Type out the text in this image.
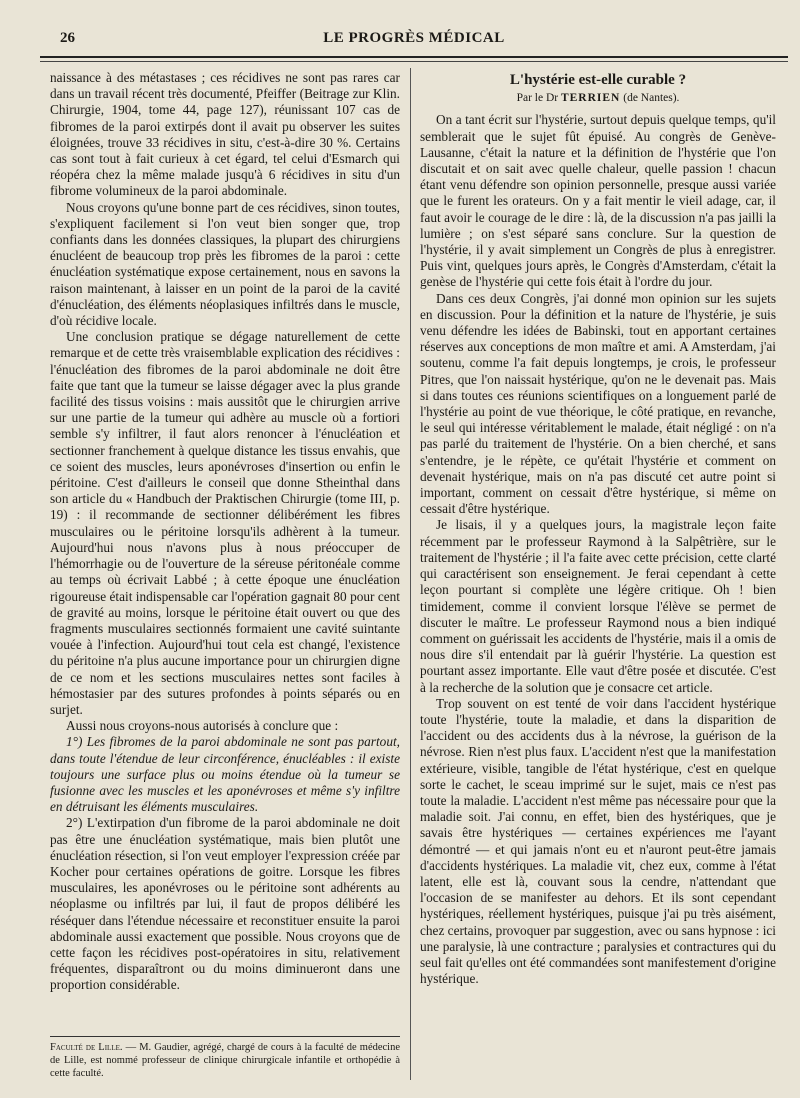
26	LE PROGRÈS MÉDICAL

naissance à des métastases ; ces récidives ne sont pas rares car dans un travail récent très documenté, Pfeiffer (Beitrage zur Klin. Chirurgie, 1904, tome 44, page 127), réunissant 107 cas de fibromes de la paroi extirpés dont il avait pu observer les suites éloignées, trouve 33 récidives in situ, c'est-à-dire 30 %. Certains cas sont tout à fait curieux à cet égard, tel celui d'Esmarch qui réopéra chez la même malade jusqu'à 6 récidives in situ d'un fibrome volumineux de la paroi abdominale.

Nous croyons qu'une bonne part de ces récidives, sinon toutes, s'expliquent facilement si l'on veut bien songer que, trop confiants dans les données classiques, la plupart des chirurgiens énucléent de beaucoup trop près les fibromes de la paroi : cette énucléation systématique expose certainement, nous en savons la raison maintenant, à laisser en un point de la paroi de la cavité d'énucléation, des éléments néoplasiques infiltrés dans le muscle, d'où récidive locale.

Une conclusion pratique se dégage naturellement de cette remarque et de cette très vraisemblable explication des récidives : l'énucléation des fibromes de la paroi abdominale ne doit être faite que tant que la tumeur se laisse dégager avec la plus grande facilité des tissus voisins : mais aussitôt que le chirurgien arrive sur une partie de la tumeur qui adhère au muscle où a fortiori semble s'y infiltrer, il faut alors renoncer à l'énucléation et sectionner franchement à quelque distance les tissus envahis, que ce soient des muscles, leurs aponévroses d'insertion ou enfin le péritoine. C'est d'ailleurs le conseil que donne Stheinthal dans son article du « Handbuch der Praktischen Chirurgie (tome III, p. 19) : il recommande de sectionner délibérément les fibres musculaires ou le péritoine lorsqu'ils adhèrent à la tumeur. Aujourd'hui nous n'avons plus à nous préoccuper de l'hémorrhagie ou de l'ouverture de la séreuse péritonéale comme au temps où écrivait Labbé ; à cette époque une énucléation rigoureuse était indispensable car l'opération gagnait 80 pour cent de gravité au moins, lorsque le péritoine était ouvert ou que des fragments musculaires sectionnés formaient une cavité suintante vouée à l'infection. Aujourd'hui tout cela est changé, l'existence du péritoine n'a plus aucune importance pour un chirurgien digne de ce nom et les sections musculaires nettes sont faciles à hémostasier par des sutures profondes à points séparés ou en surjet.

Aussi nous croyons-nous autorisés à conclure que :

1°) Les fibromes de la paroi abdominale ne sont pas partout, dans toute l'étendue de leur circonférence, énucléables : il existe toujours une surface plus ou moins étendue où la tumeur se fusionne avec les muscles et les aponévroses et même s'y infiltre en détruisant les éléments musculaires.

2°) L'extirpation d'un fibrome de la paroi abdominale ne doit pas être une énucléation systématique, mais bien plutôt une énucléation résection, si l'on veut employer l'expression créée par Kocher pour certaines opérations de goitre. Lorsque les fibres musculaires, les aponévroses ou le péritoine sont adhérents au néoplasme ou infiltrés par lui, il faut de propos délibéré les réséquer dans l'étendue nécessaire et reconstituer ensuite la paroi abdominale aussi exactement que possible. Nous croyons que de cette façon les récidives post-opératoires in situ, relativement fréquentes, disparaîtront ou du moins diminueront dans une proportion considérable.

L'hystérie est-elle curable ?
Par le Dr TERRIEN (de Nantes).

On a tant écrit sur l'hystérie, surtout depuis quelque temps, qu'il semblerait que le sujet fût épuisé. Au congrès de Genève-Lausanne, c'était la nature et la définition de l'hystérie que l'on discutait et on sait avec quelle chaleur, quelle passion ! chacun étant venu défendre son opinion personnelle, presque aussi variée que le furent les orateurs. On y a fait mentir le vieil adage, car, il faut avoir le courage de le dire : là, de la discussion n'a pas jailli la lumière ; on s'est séparé sans conclure. Sur la question de l'hystérie, il y avait simplement un Congrès de plus à enregistrer. Puis vint, quelques jours après, le Congrès d'Amsterdam, c'était la genèse de l'hystérie qui cette fois était à l'ordre du jour.

Dans ces deux Congrès, j'ai donné mon opinion sur les sujets en discussion. Pour la définition et la nature de l'hystérie, je suis venu défendre les idées de Babinski, tout en apportant certaines réserves aux conceptions de mon maître et ami. A Amsterdam, j'ai soutenu, comme l'a fait depuis longtemps, je crois, le professeur Pitres, que l'on naissait hystérique, qu'on ne le devenait pas. Mais si dans toutes ces réunions scientifiques on a longuement parlé de l'hystérie au point de vue théorique, le côté pratique, en revanche, le seul qui intéresse véritablement le malade, était négligé : on n'a pas parlé du traitement de l'hystérie. On a bien cherché, et sans s'entendre, je le répète, ce qu'était l'hystérie et comment on devenait hystérique, mais on n'a pas discuté cet autre point si important, comment on cessait d'être hystérique, si même on cessait d'être hystérique.

Je lisais, il y a quelques jours, la magistrale leçon faite récemment par le professeur Raymond à la Salpêtrière, sur le traitement de l'hystérie ; il l'a faite avec cette précision, cette clarté qui caractérisent son enseignement. Je ferai cependant à cette leçon pourtant si complète une légère critique. Oh ! bien timidement, comme il convient lorsque l'élève se permet de discuter le maître. Le professeur Raymond nous a bien indiqué comment on guérissait les accidents de l'hystérie, mais il a omis de nous dire s'il entendait par là guérir l'hystérie. La question est pourtant assez importante. Elle vaut d'être posée et discutée. C'est à la recherche de la solution que je consacre cet article.

Trop souvent on est tenté de voir dans l'accident hystérique toute l'hystérie, toute la maladie, et dans la disparition de l'accident ou des accidents dus à la névrose, la guérison de la névrose. Rien n'est plus faux. L'accident n'est que la manifestation extérieure, visible, tangible de l'état hystérique, c'est en quelque sorte le cachet, le sceau imprimé sur le sujet, mais ce n'est pas toute la maladie. L'accident n'est même pas nécessaire pour que la maladie soit. J'ai connu, en effet, bien des hystériques, que je savais être hystériques — certaines expériences me l'ayant démontré — et qui jamais n'ont eu et n'auront peut-être jamais d'accidents hystériques. La maladie vit, chez eux, comme à l'état latent, elle est là, couvant sous la cendre, n'attendant que l'occasion de se manifester au dehors. Et ils sont cependant hystériques, réellement hystériques, puisque j'ai pu très aisément, chez certains, provoquer par suggestion, avec ou sans hypnose : ici une paralysie, là une contracture ; paralysies et contractures qui du seul fait qu'elles ont été commandées sont manifestement d'origine hystérique.

Faculté de Lille. — M. Gaudier, agrégé, chargé de cours à la faculté de médecine de Lille, est nommé professeur de clinique chirurgicale infantile et orthopédie à cette faculté.
